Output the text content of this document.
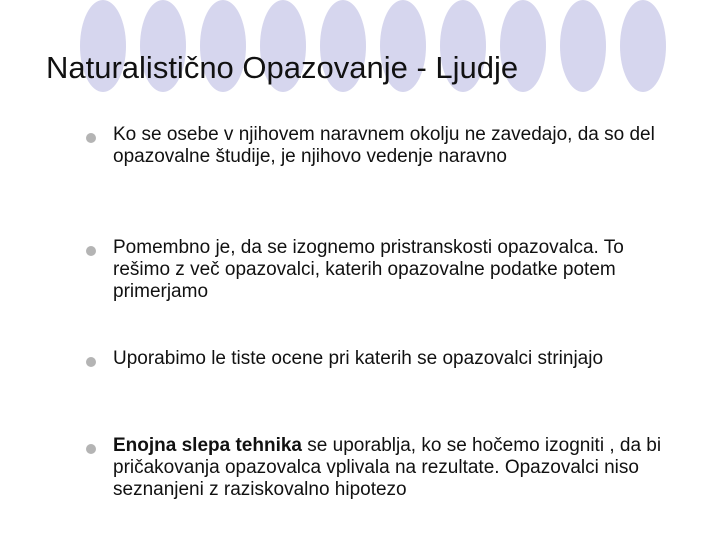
Naturalistično Opazovanje - Ljudje
Ko se osebe v njihovem naravnem okolju ne zavedajo, da so del opazovalne študije, je njihovo vedenje naravno
Pomembno je, da se izognemo pristranskosti opazovalca. To rešimo z več opazovalci, katerih opazovalne podatke potem primerjamo
Uporabimo le tiste ocene pri katerih se opazovalci strinjajo
Enojna slepa tehnika se uporablja, ko se hočemo izogniti , da bi pričakovanja opazovalca vplivala na rezultate. Opazovalci niso seznanjeni z raziskovalno hipotezo
